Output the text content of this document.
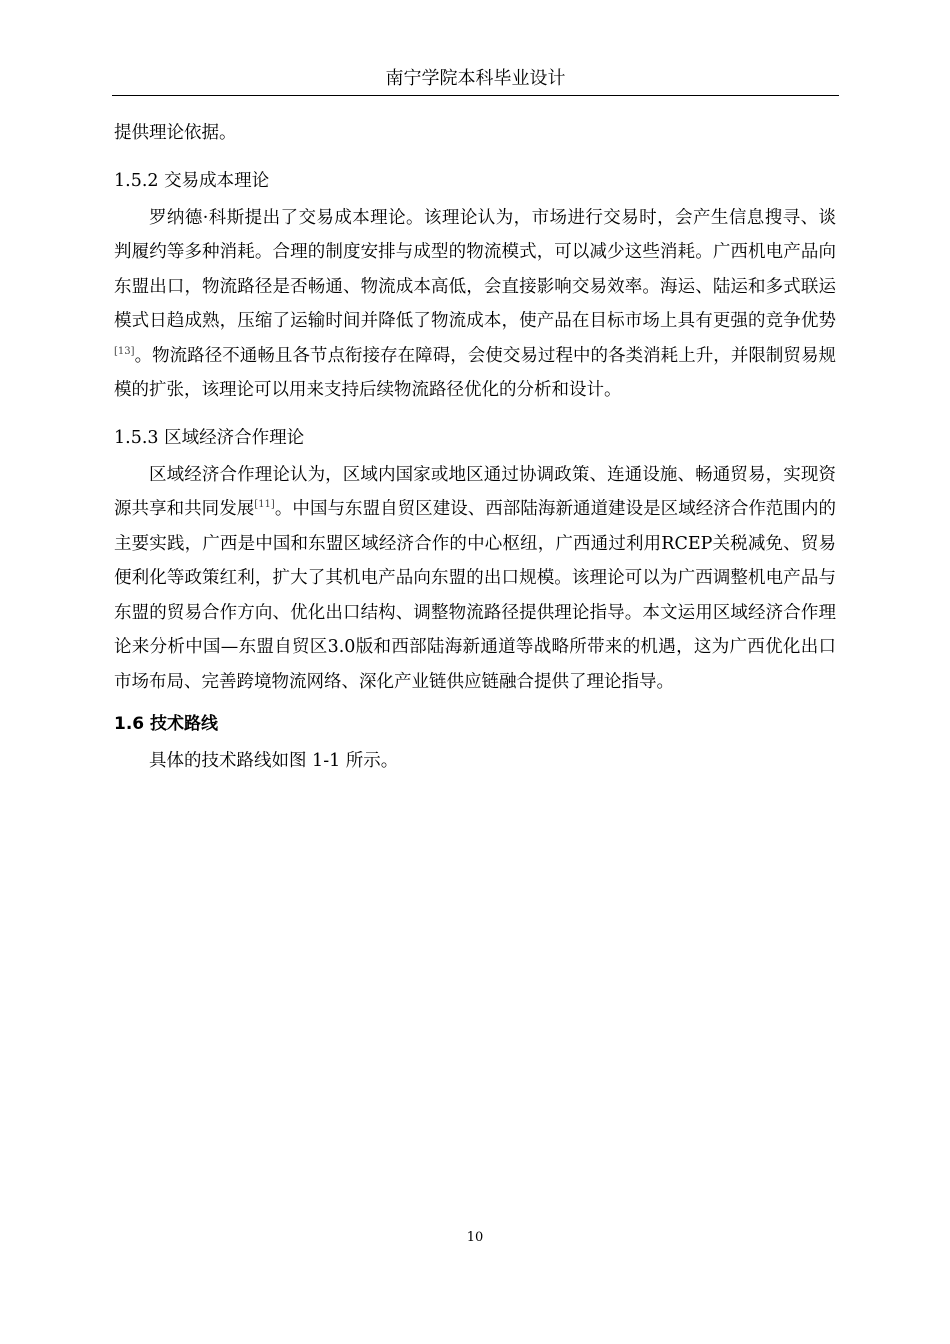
南宁学院本科毕业设计

提供理论依据。

1.5.2 交易成本理论

罗纳德·科斯提出了交易成本理论。该理论认为，市场进行交易时，会产生信息搜寻、谈判履约等多种消耗。合理的制度安排与成型的物流模式，可以减少这些消耗。广西机电产品向东盟出口，物流路径是否畅通、物流成本高低，会直接影响交易效率。海运、陆运和多式联运模式日趋成熟，压缩了运输时间并降低了物流成本，使产品在目标市场上具有更强的竞争优势[13]。物流路径不通畅且各节点衔接存在障碍，会使交易过程中的各类消耗上升，并限制贸易规模的扩张，该理论可以用来支持后续物流路径优化的分析和设计。

1.5.3 区域经济合作理论

区域经济合作理论认为，区域内国家或地区通过协调政策、连通设施、畅通贸易，实现资源共享和共同发展[11]。中国与东盟自贸区建设、西部陆海新通道建设是区域经济合作范围内的主要实践，广西是中国和东盟区域经济合作的中心枢纽，广西通过利用RCEP关税减免、贸易便利化等政策红利，扩大了其机电产品向东盟的出口规模。该理论可以为广西调整机电产品与东盟的贸易合作方向、优化出口结构、调整物流路径提供理论指导。本文运用区域经济合作理论来分析中国—东盟自贸区3.0版和西部陆海新通道等战略所带来的机遇，这为广西优化出口市场布局、完善跨境物流网络、深化产业链供应链融合提供了理论指导。

1.6 技术路线

具体的技术路线如图 1-1 所示。

10
